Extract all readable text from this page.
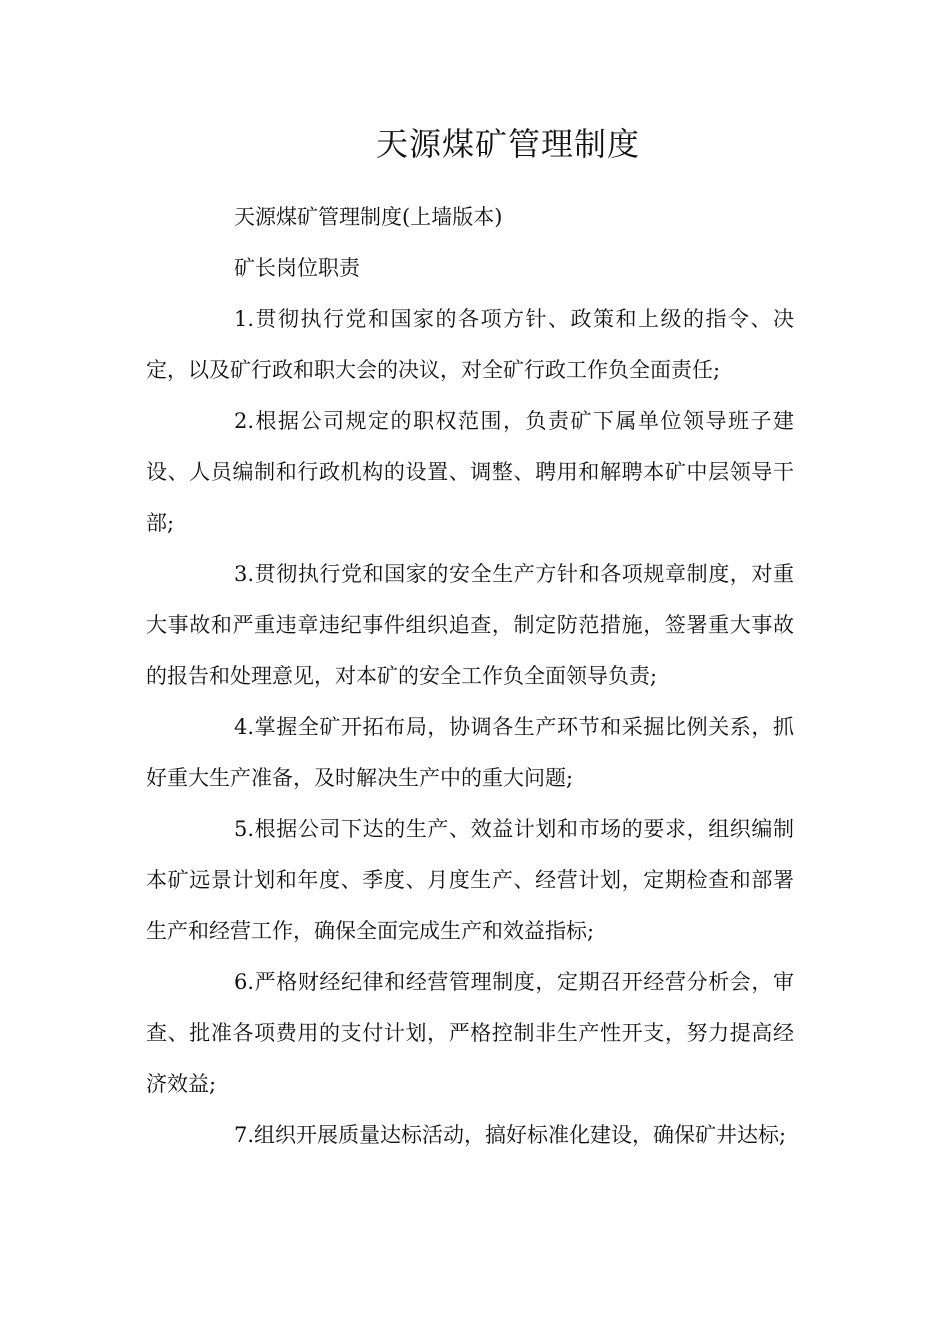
天源煤矿管理制度

天源煤矿管理制度(上墙版本)

矿长岗位职责

1.贯彻执行党和国家的各项方针、政策和上级的指令、决定，以及矿行政和职大会的决议，对全矿行政工作负全面责任;

2.根据公司规定的职权范围，负责矿下属单位领导班子建设、人员编制和行政机构的设置、调整、聘用和解聘本矿中层领导干部;

3.贯彻执行党和国家的安全生产方针和各项规章制度，对重大事故和严重违章违纪事件组织追查，制定防范措施，签署重大事故的报告和处理意见，对本矿的安全工作负全面领导负责;

4.掌握全矿开拓布局，协调各生产环节和采掘比例关系，抓好重大生产准备，及时解决生产中的重大问题;

5.根据公司下达的生产、效益计划和市场的要求，组织编制本矿远景计划和年度、季度、月度生产、经营计划，定期检查和部署生产和经营工作，确保全面完成生产和效益指标;

6.严格财经纪律和经营管理制度，定期召开经营分析会，审查、批准各项费用的支付计划，严格控制非生产性开支，努力提高经济效益;

7.组织开展质量达标活动，搞好标准化建设，确保矿井达标;
